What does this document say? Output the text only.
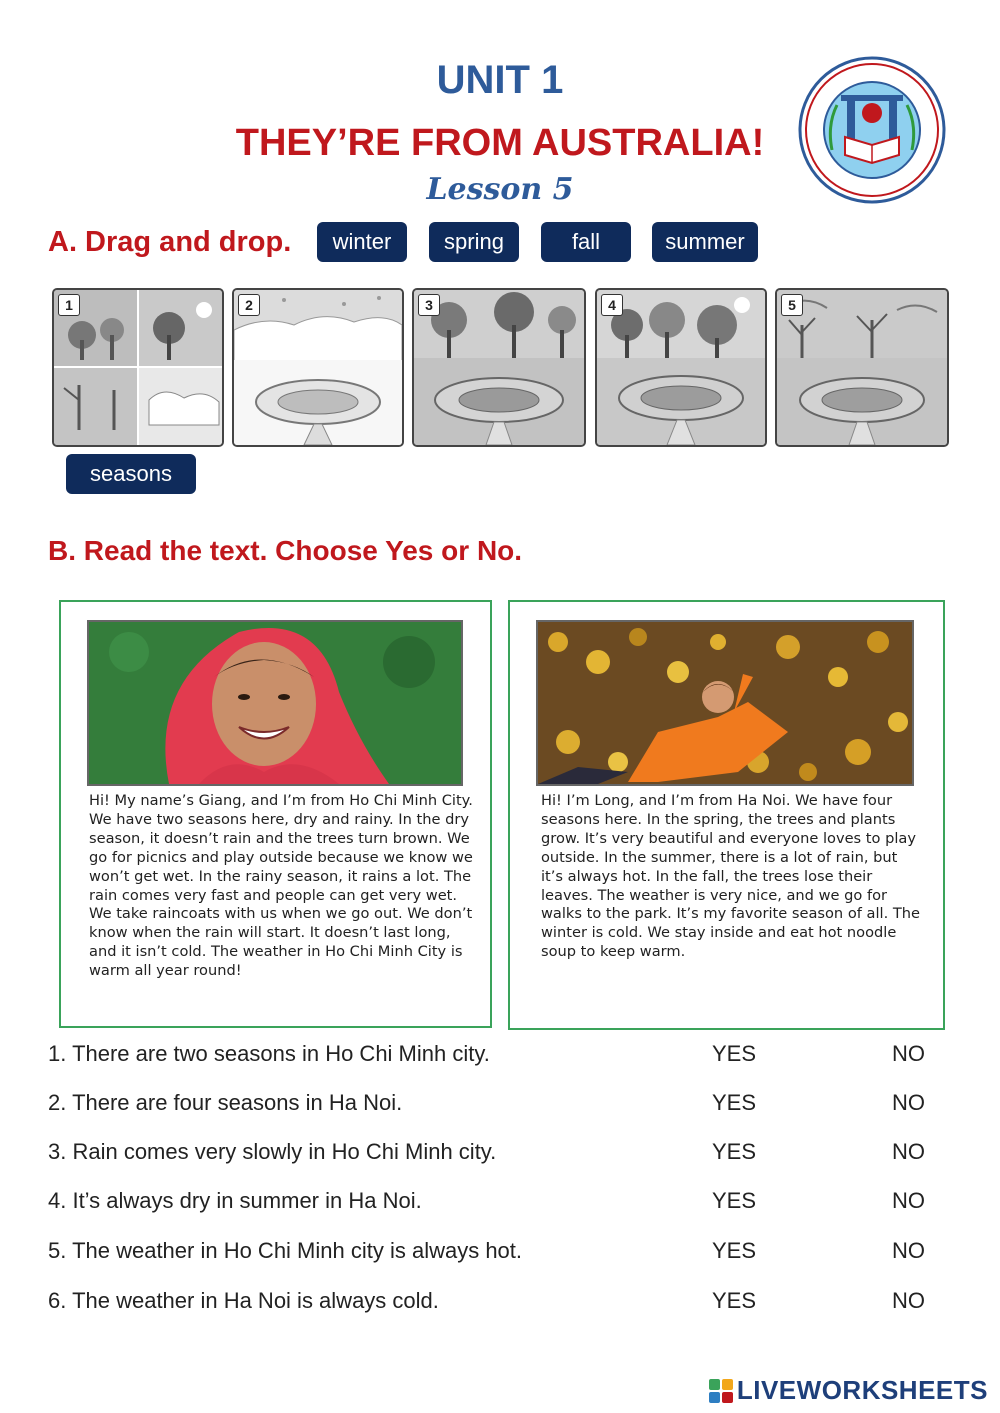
UNIT 1
THEY’RE FROM AUSTRALIA!
Lesson 5
A. Drag and drop.	winter	spring	fall	summer
1	2	3	4	5
seasons
B. Read the text. Choose Yes or No.
Hi! My name’s Giang, and I’m from Ho Chi Minh City. We have two seasons here, dry and rainy. In the dry season, it doesn’t rain and the trees turn brown. We go for picnics and play outside because we know we won’t get wet. In the rainy season, it rains a lot. The rain comes very fast and people can get very wet. We take raincoats with us when we go out. We don’t know when the rain will start. It doesn’t last long, and it isn’t cold. The weather in Ho Chi Minh City is warm all year round!
Hi! I’m Long, and I’m from Ha Noi. We have four seasons here. In the spring, the trees and plants grow. It’s very beautiful and everyone loves to play outside. In the summer, there is a lot of rain, but it’s always hot. In the fall, the trees lose their leaves. The weather is very nice, and we go for walks to the park. It’s my favorite season of all. The winter is cold. We stay inside and eat hot noodle soup to keep warm.
1. There are two seasons in Ho Chi Minh city.	YES	NO
2. There are four seasons in Ha Noi.	YES	NO
3. Rain comes very slowly in Ho Chi Minh city.	YES	NO
4. It’s always dry in summer in Ha Noi.	YES	NO
5. The weather in Ho Chi Minh city is always hot.	YES	NO
6. The weather in Ha Noi is always cold.	YES	NO
LIVEWORKSHEETS
